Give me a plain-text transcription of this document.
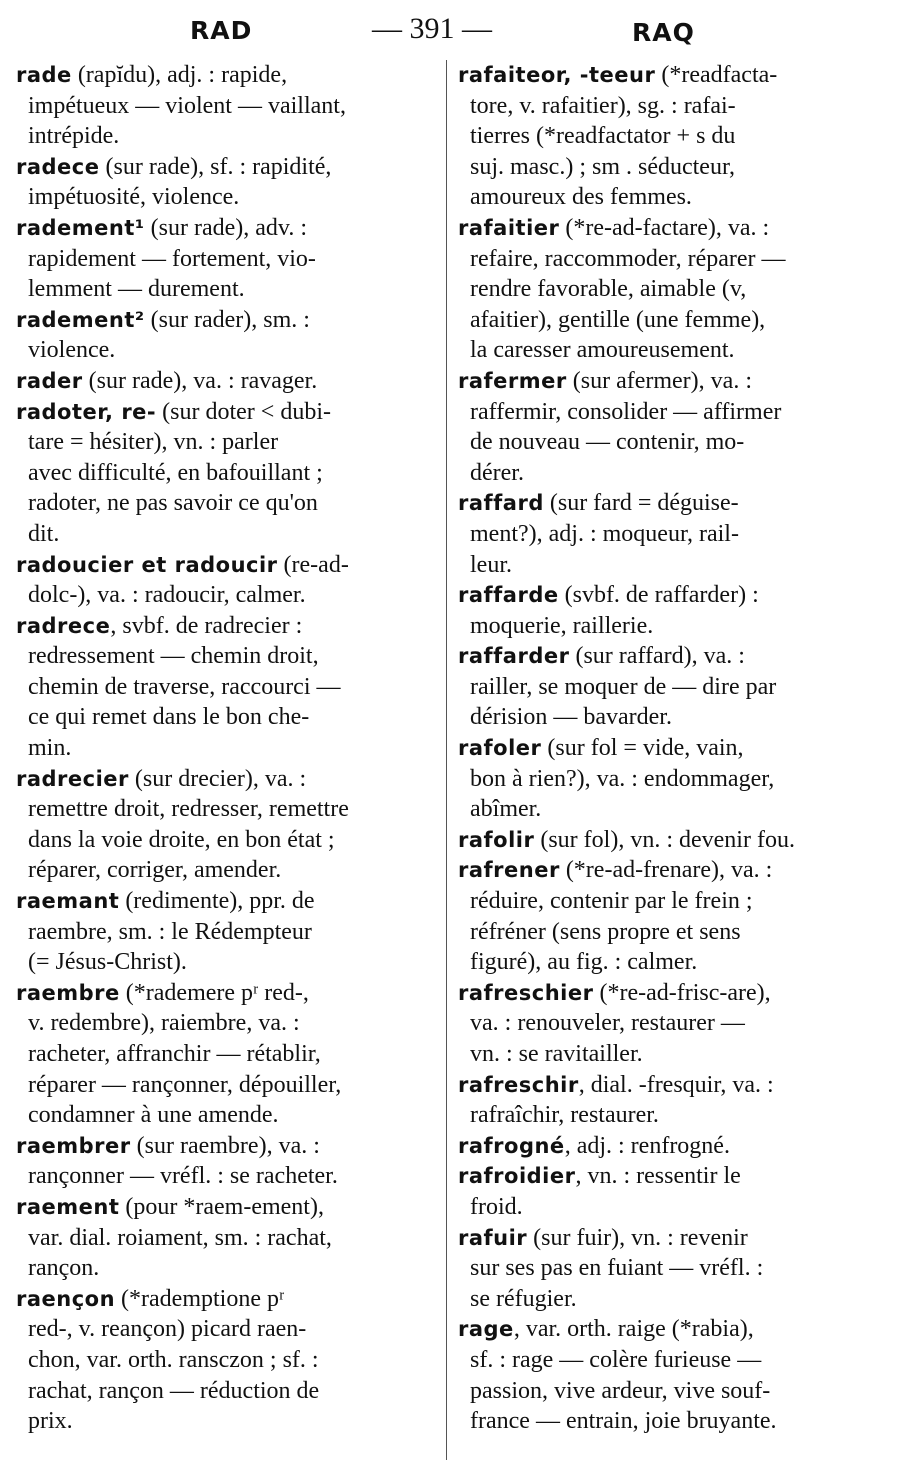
RAD	— 391 —	RAQ
rade (rapĭdu), adj. : rapide,
impétueux — violent — vaillant,
intrépide.
radece (sur rade), sf. : rapidité,
impétuosité, violence.
radement¹ (sur rade), adv. :
rapidement — fortement, vio-
lemment — durement.
radement² (sur rader), sm. :
violence.
rader (sur rade), va. : ravager.
radoter, re- (sur doter < dubi-
tare = hésiter), vn. : parler
avec difficulté, en bafouillant ;
radoter, ne pas savoir ce qu'on
dit.
radoucier et radoucir (re-ad-
dolc-), va. : radoucir, calmer.
radrece, svbf. de radrecier :
redressement — chemin droit,
chemin de traverse, raccourci —
ce qui remet dans le bon che-
min.
radrecier (sur drecier), va. :
remettre droit, redresser, remettre
dans la voie droite, en bon état ;
réparer, corriger, amender.
raemant (redimente), ppr. de
raembre, sm. : le Rédempteur
(= Jésus-Christ).
raembre (*rademere pʳ red-,
v. redembre), raiembre, va. :
racheter, affranchir — rétablir,
réparer — rançonner, dépouiller,
condamner à une amende.
raembrer (sur raembre), va. :
rançonner — vréfl. : se racheter.
raement (pour *raem-ement),
var. dial. roiament, sm. : rachat,
rançon.
raençon (*rademptione pʳ
red-, v. reançon) picard raen-
chon, var. orth. ransczon ; sf. :
rachat, rançon — réduction de
prix.
rafaiteor, -teeur (*readfacta-
tore, v. rafaitier), sg. : rafai-
tierres (*readfactator + s du
suj. masc.) ; sm . séducteur,
amoureux des femmes.
rafaitier (*re-ad-factare), va. :
refaire, raccommoder, réparer —
rendre favorable, aimable (v,
afaitier), gentille (une femme),
la caresser amoureusement.
rafermer (sur afermer), va. :
raffermir, consolider — affirmer
de nouveau — contenir, mo-
dérer.
raffard (sur fard = déguise-
ment?), adj. : moqueur, rail-
leur.
raffarde (svbf. de raffarder) :
moquerie, raillerie.
raffarder (sur raffard), va. :
railler, se moquer de — dire par
dérision — bavarder.
rafoler (sur fol = vide, vain,
bon à rien?), va. : endommager,
abîmer.
rafolir (sur fol), vn. : devenir fou.
rafrener (*re-ad-frenare), va. :
réduire, contenir par le frein ;
réfréner (sens propre et sens
figuré), au fig. : calmer.
rafreschier (*re-ad-frisc-are),
va. : renouveler, restaurer —
vn. : se ravitailler.
rafreschir, dial. -fresquir, va. :
rafraîchir, restaurer.
rafrogné, adj. : renfrogné.
rafroidier, vn. : ressentir le
froid.
rafuir (sur fuir), vn. : revenir
sur ses pas en fuiant — vréfl. :
se réfugier.
rage, var. orth. raige (*rabia),
sf. : rage — colère furieuse —
passion, vive ardeur, vive souf-
france — entrain, joie bruyante.
